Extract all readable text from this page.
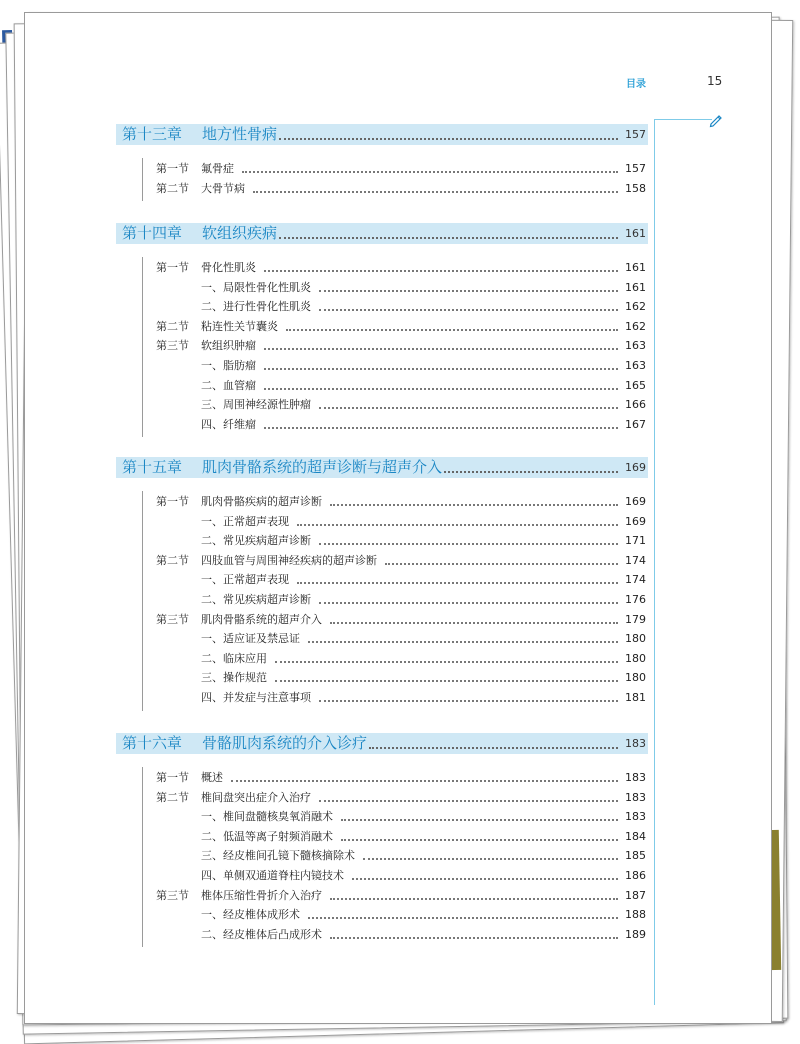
目录	15
第十三章 地方性骨病	157
第一节 氟骨症	157
第二节 大骨节病	158
第十四章 软组织疾病	161
第一节 骨化性肌炎	161
一、局限性骨化性肌炎	161
二、进行性骨化性肌炎	162
第二节 粘连性关节囊炎	162
第三节 软组织肿瘤	163
一、脂肪瘤	163
二、血管瘤	165
三、周围神经源性肿瘤	166
四、纤维瘤	167
第十五章 肌肉骨骼系统的超声诊断与超声介入	169
第一节 肌肉骨骼疾病的超声诊断	169
一、正常超声表现	169
二、常见疾病超声诊断	171
第二节 四肢血管与周围神经疾病的超声诊断	174
一、正常超声表现	174
二、常见疾病超声诊断	176
第三节 肌肉骨骼系统的超声介入	179
一、适应证及禁忌证	180
二、临床应用	180
三、操作规范	180
四、并发症与注意事项	181
第十六章 骨骼肌肉系统的介入诊疗	183
第一节 概述	183
第二节 椎间盘突出症介入治疗	183
一、椎间盘髓核臭氧消融术	183
二、低温等离子射频消融术	184
三、经皮椎间孔镜下髓核摘除术	185
四、单侧双通道脊柱内镜技术	186
第三节 椎体压缩性骨折介入治疗	187
一、经皮椎体成形术	188
二、经皮椎体后凸成形术	189
